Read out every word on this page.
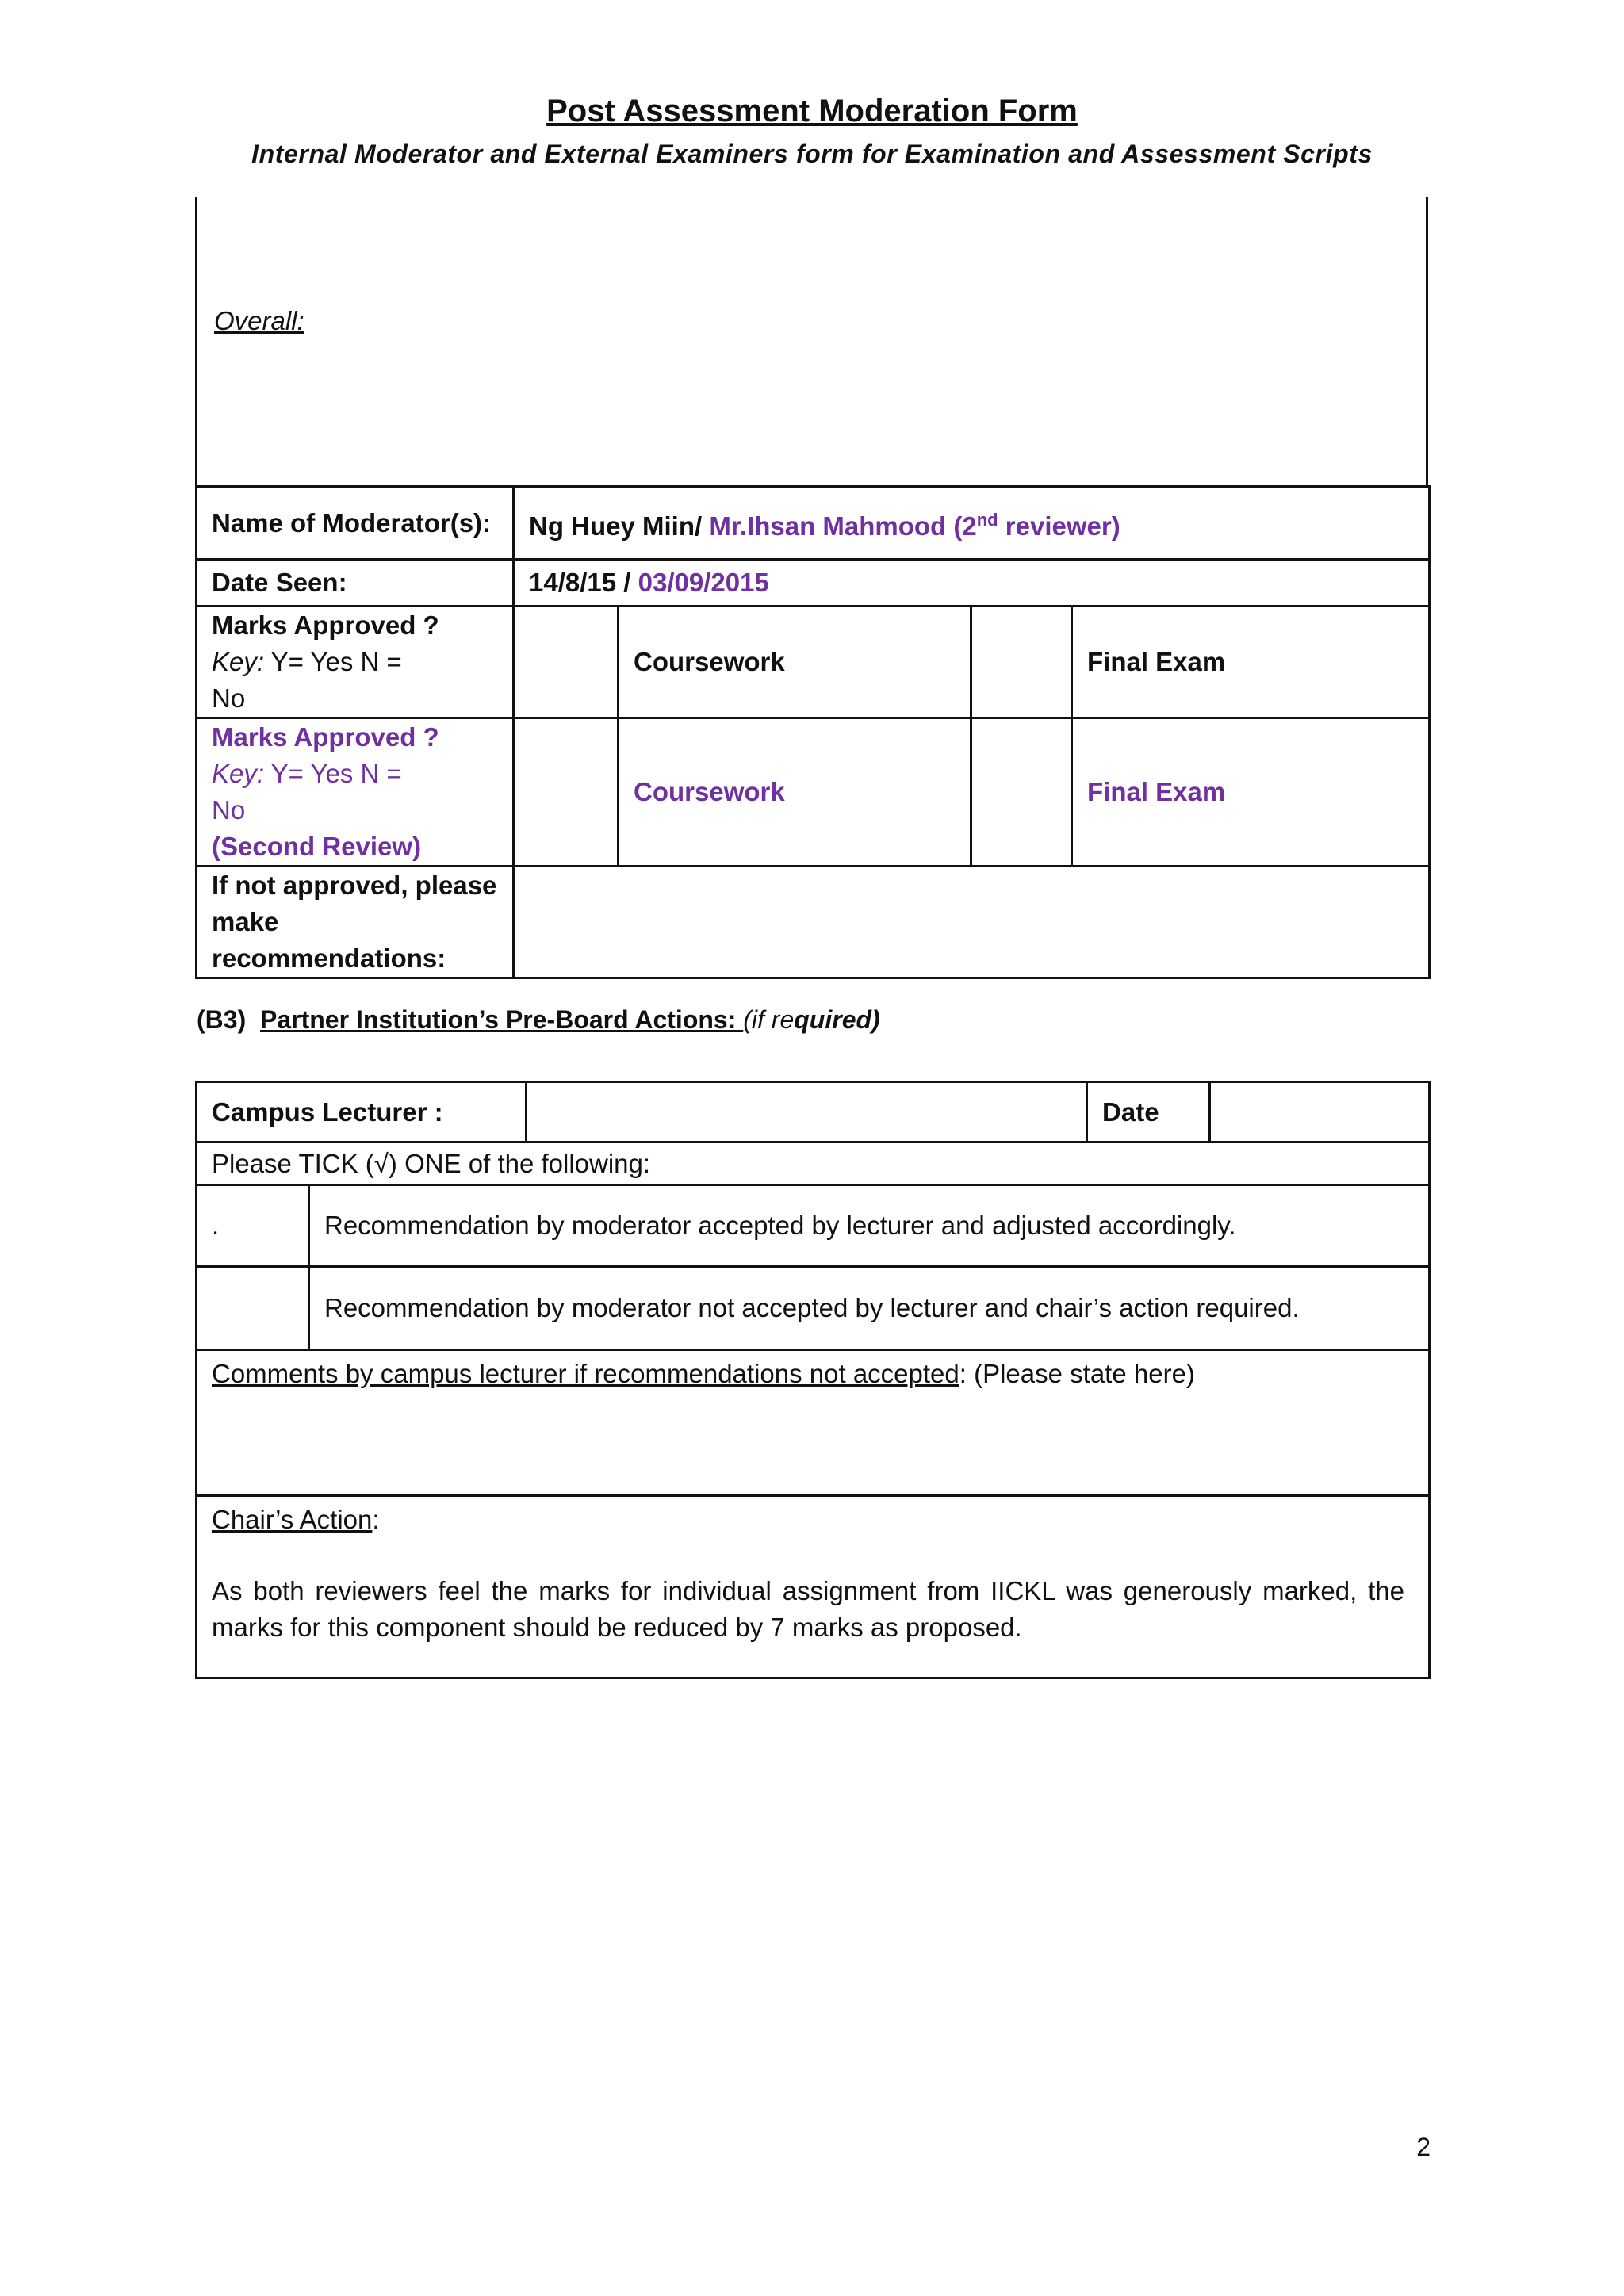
Post Assessment Moderation Form
Internal Moderator and External Examiners form for Examination and Assessment Scripts
Overall:
Name of Moderator(s):	Ng Huey Miin/ Mr.Ihsan Mahmood (2nd reviewer)			
Date Seen:	14/8/15 / 03/09/2015			

Marks Approved ?
Key: Y= Yes N =
No		Coursework		Final Exam

Marks Approved ?
Key: Y= Yes N =
No
(Second Review)		Coursework		Final Exam
If not approved, please make recommendations:				
(B3) Partner Institution’s Pre-Board Actions: (if required)
Campus Lecturer :			Date	
Please TICK (√) ONE of the following:				
.	Recommendation by moderator accepted by lecturer and adjusted accordingly.			
	Recommendation by moderator not accepted by lecturer and chair’s action required.			
Comments by campus lecturer if recommendations not accepted: (Please state here)				

Chair’s Action:
As both reviewers feel the marks for individual assignment from IICKL was generously marked, the marks for this component should be reduced by 7 marks as proposed.				
2
